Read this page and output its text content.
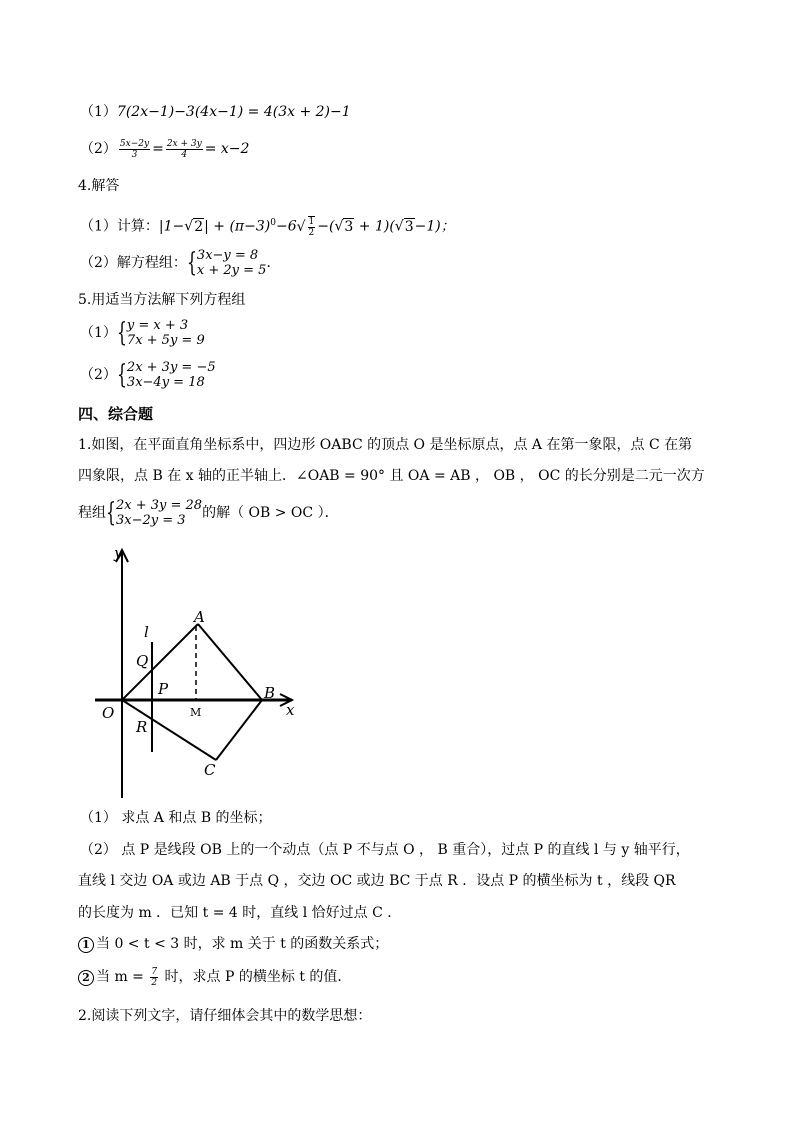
（1）7(2x−1)−3(4x−1) = 4(3x + 2)−1
$(2) \frac{5x-2y}{3} = \frac{2x + 3y}{4} = x-2$
4.解答
（1）计算：$|1-√2| + (\pi-3)^0-6√ \frac{1}{2} -(√3 + 1)(√3-1)$；
（2）解方程组： { 3x−y = 8
x + 2y = 5 ．
5.用适当方法解下列方程组
（1） { y = x + 3
7x + 5y = 9
（2） { 2x + 3y = −5
3x−4y = 18
四、综合题
1.如图，在平面直角坐标系中，四边形 OABC 的顶点 O 是坐标原点，点 A 在第一象限，点 C 在第
四象限，点 B 在 x 轴的正半轴上．∠OAB = 90° 且 OA = AB ， OB ， OC 的长分别是二元一次方
程组 { 2x + 3y = 28
3x−2y = 3	的解（ OB > OC ）．
y
x
O
A
B
C
P
Q
R
l
M
（1） 求点 A 和点 B 的坐标；
（2） 点 P 是线段 OB 上的一个动点（点 P 不与点 O ， B 重合），过点 P 的直线 l 与 y 轴平行，
直线 l 交边 OA 或边 AB 于点 Q ，交边 OC 或边 BC 于点 R ．设点 P 的横坐标为 t ，线段 QR
的长度为 m ．已知 t = 4 时，直线 l 恰好过点 C ．
1 当 0 < t < 3 时，求 m 关于 t 的函数关系式；
2 当 $m = \frac{7}{2}$ 时，求点 P 的横坐标 t 的值．
2.阅读下列文字，请仔细体会其中的数学思想：
